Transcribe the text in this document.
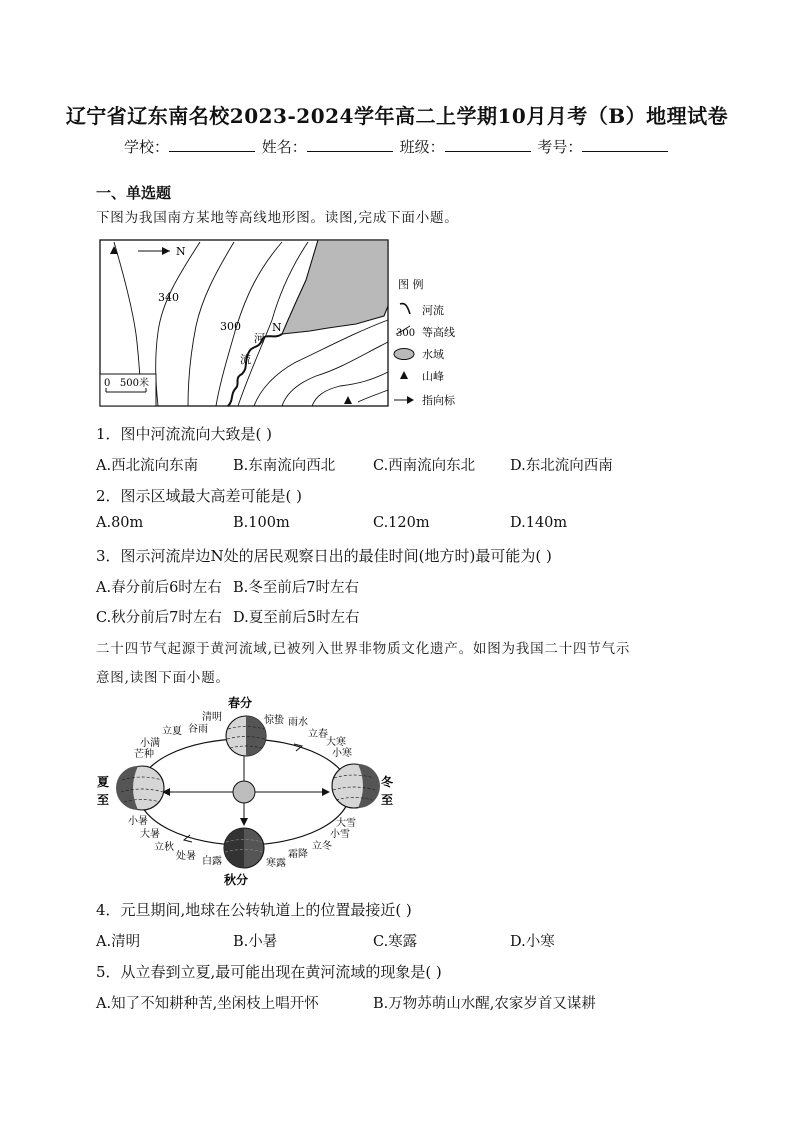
辽宁省辽东南名校2023-2024学年高二上学期10月月考（B）地理试卷
学校：	姓名：	班级：	考号：
一、单选题
下图为我国南方某地等高线地形图。读图,完成下面小题。
N
340
300
河
流
N
0   500米
图 例
河流
300 等高线
水域
山峰
指向标
1．图中河流流向大致是( )
A.西北流向东南 B.东南流向西北	C.西南流向东北 D.东北流向西南
2．图示区域最大高差可能是( )
A.80m	B.100m	C.120m	D.140m
3．图示河流岸边N处的居民观察日出的最佳时间(地方时)最可能为( )
A.春分前后6时左右 B.冬至前后7时左右
C.秋分前后7时左右 D.夏至前后5时左右
二十四节气起源于黄河流域,已被列入世界非物质文化遗产。如图为我国二十四节气示
意图,读图下面小题。
春分
秋分
夏
至
冬
至
清明
立夏 谷雨
小满
芒种
惊蛰 雨水
立春
大寒
小寒
小暑
大暑
立秋
处暑 白露
大雪
小雪
立冬
霜降
寒露
4．元旦期间,地球在公转轨道上的位置最接近( )
A.清明	B.小暑	C.寒露	D.小寒
5．从立春到立夏,最可能出现在黄河流域的现象是( )
A.知了不知耕种苦,坐闲枝上唱开怀	B.万物苏萌山水醒,农家岁首又谋耕
